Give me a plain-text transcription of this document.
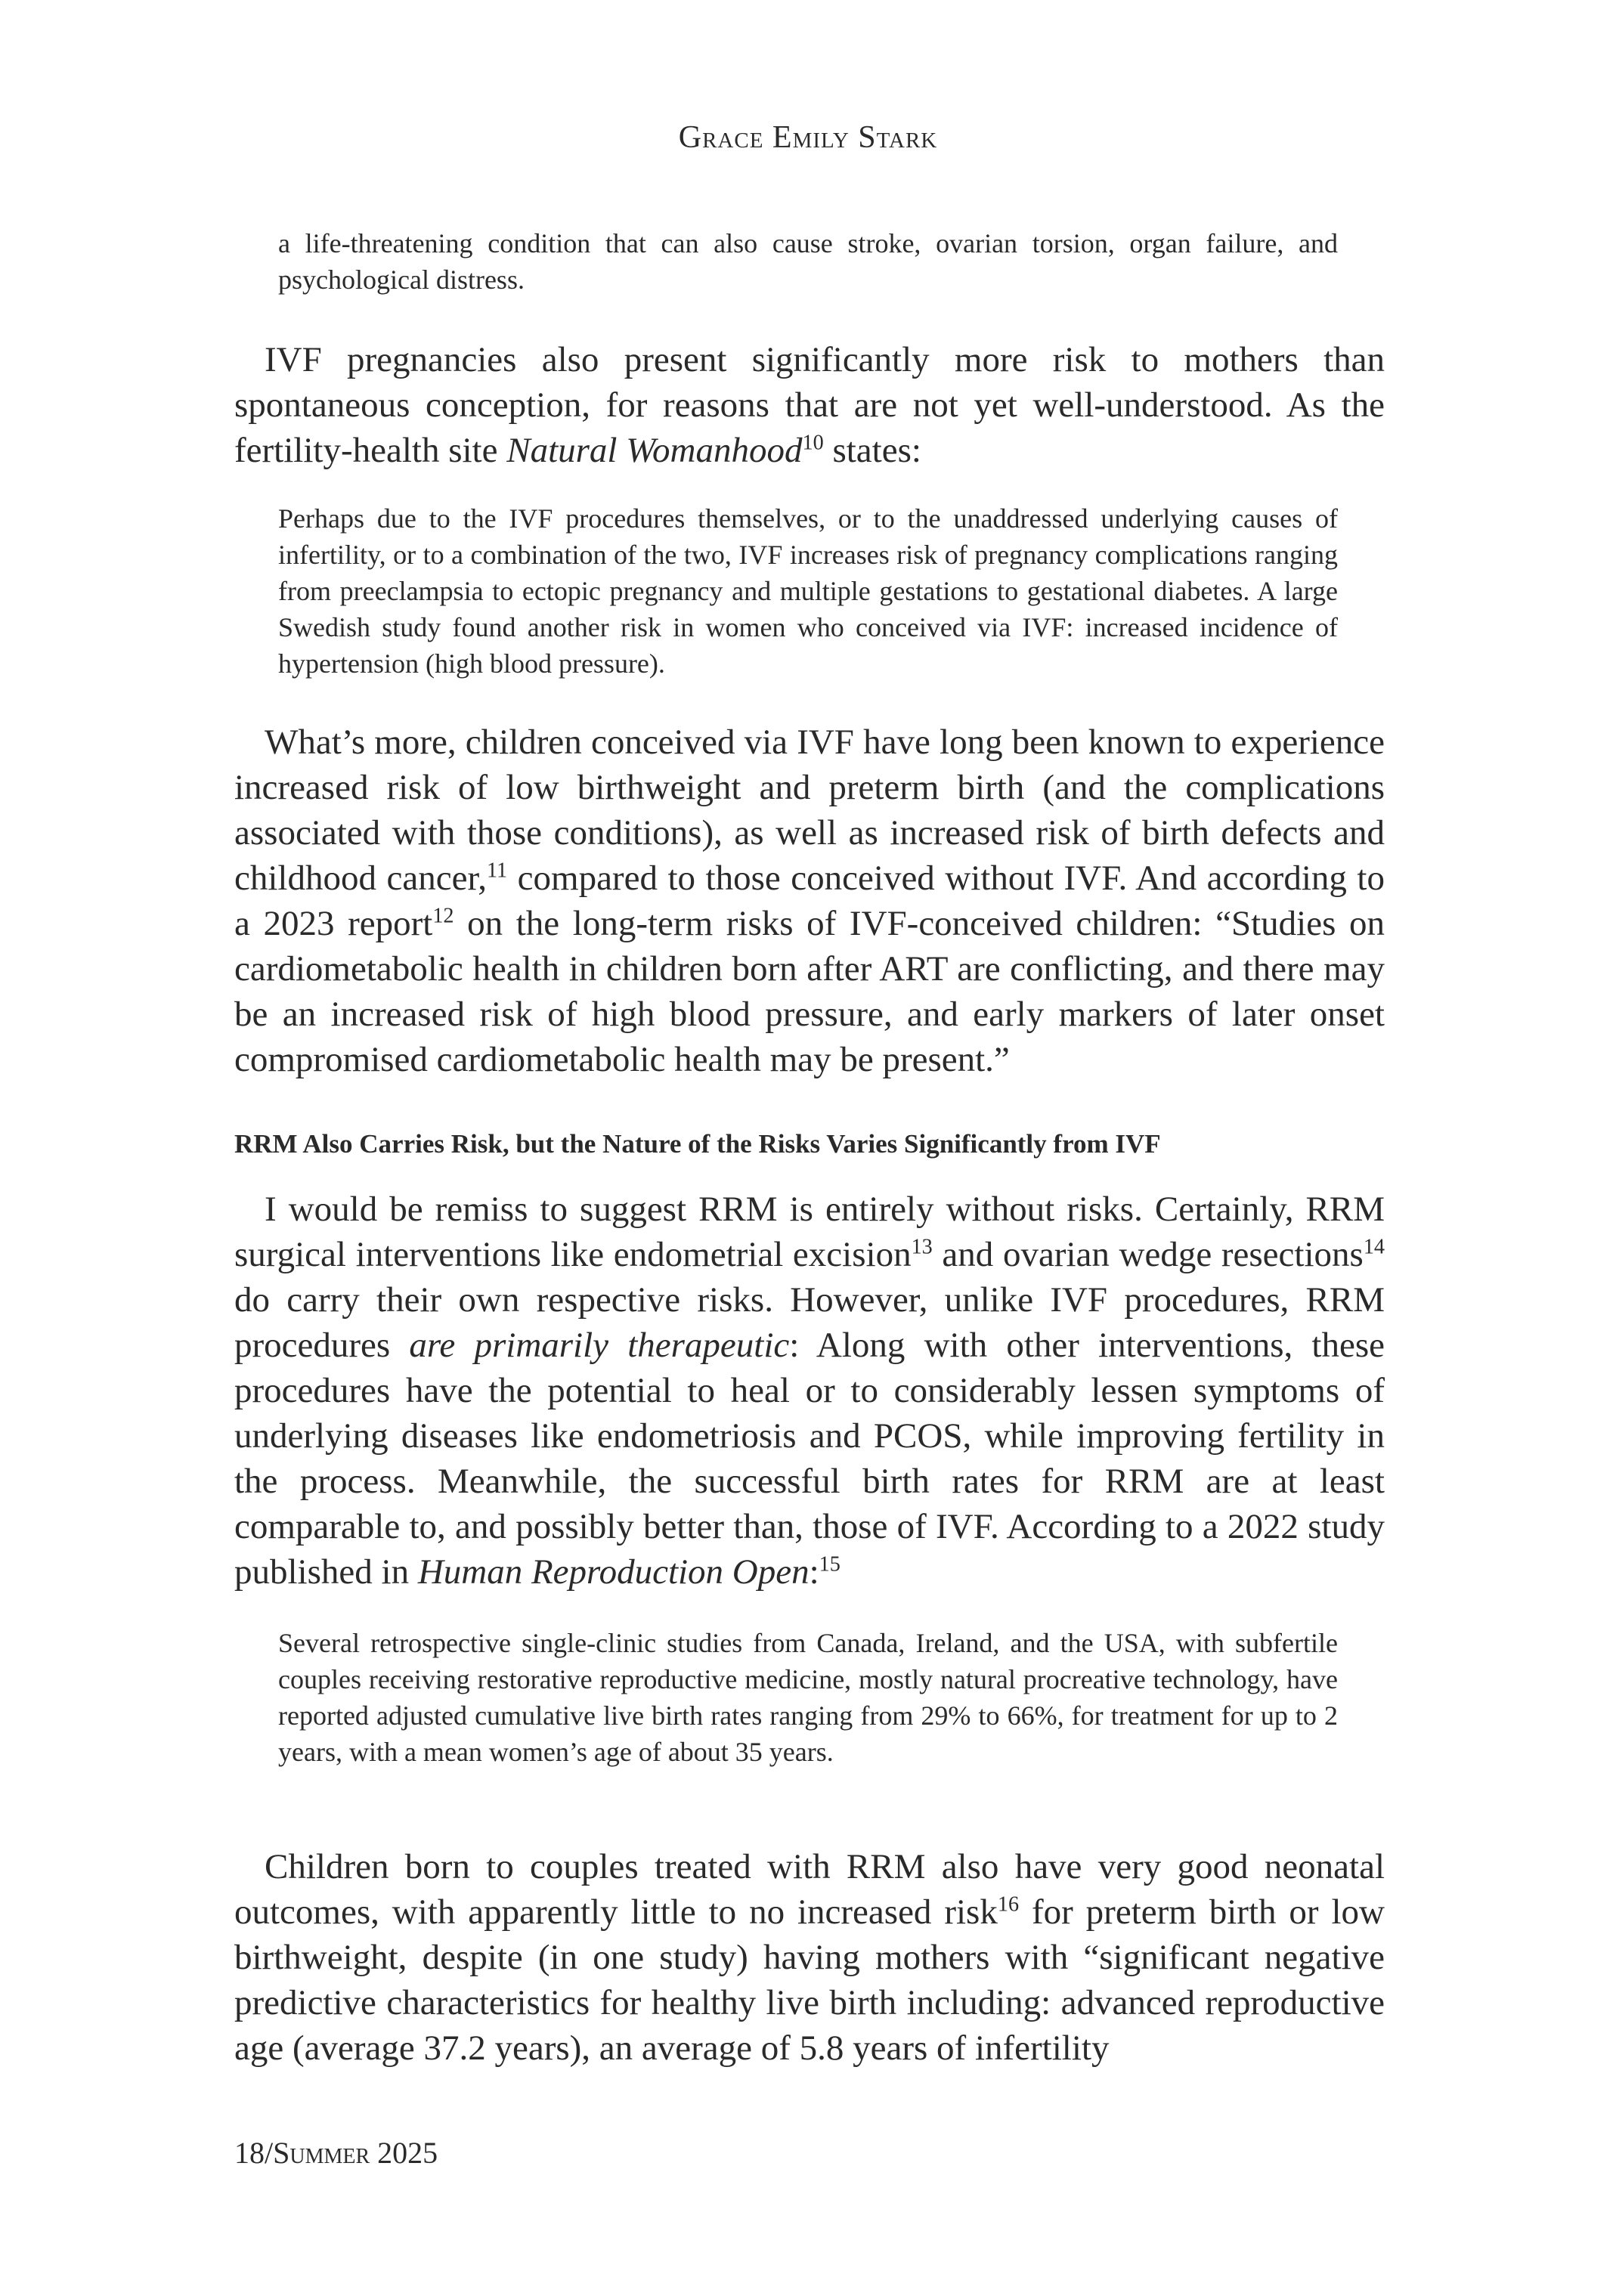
Grace Emily Stark
a life-threatening condition that can also cause stroke, ovarian torsion, organ failure, and psychological distress.

IVF pregnancies also present significantly more risk to mothers than spontaneous conception, for reasons that are not yet well-understood. As the fertility-health site Natural Womanhood$^{10}$ states:

Perhaps due to the IVF procedures themselves, or to the unaddressed underlying causes of infertility, or to a combination of the two, IVF increases risk of pregnancy complications ranging from preeclampsia to ectopic pregnancy and multiple gestations to gestational diabetes. A large Swedish study found another risk in women who conceived via IVF: increased incidence of hypertension (high blood pressure).

What’s more, children conceived via IVF have long been known to experience increased risk of low birthweight and preterm birth (and the complications associated with those conditions), as well as increased risk of birth defects and childhood cancer,$^{11}$ compared to those conceived without IVF. And according to a 2023 report$^{12}$ on the long-term risks of IVF-conceived children: “Studies on cardiometabolic health in children born after ART are conflicting, and there may be an increased risk of high blood pressure, and early markers of later onset compromised cardiometabolic health may be present.”

RRM Also Carries Risk, but the Nature of the Risks Varies Significantly from IVF

I would be remiss to suggest RRM is entirely without risks. Certainly, RRM surgical interventions like endometrial excision$^{13}$ and ovarian wedge resections$^{14}$ do carry their own respective risks. However, unlike IVF procedures, RRM procedures are primarily therapeutic: Along with other interventions, these procedures have the potential to heal or to considerably lessen symptoms of underlying diseases like endometriosis and PCOS, while improving fertility in the process. Meanwhile, the successful birth rates for RRM are at least comparable to, and possibly better than, those of IVF. According to a 2022 study published in Human Reproduction Open:$^{15}$

Several retrospective single-clinic studies from Canada, Ireland, and the USA, with subfertile couples receiving restorative reproductive medicine, mostly natural procreative technology, have reported adjusted cumulative live birth rates ranging from 29% to 66%, for treatment for up to 2 years, with a mean women’s age of about 35 years.

Children born to couples treated with RRM also have very good neonatal outcomes, with apparently little to no increased risk$^{16}$ for preterm birth or low birthweight, despite (in one study) having mothers with “significant negative predictive characteristics for healthy live birth including: advanced reproductive age (average 37.2 years), an average of 5.8 years of infertility

18/Summer 2025
